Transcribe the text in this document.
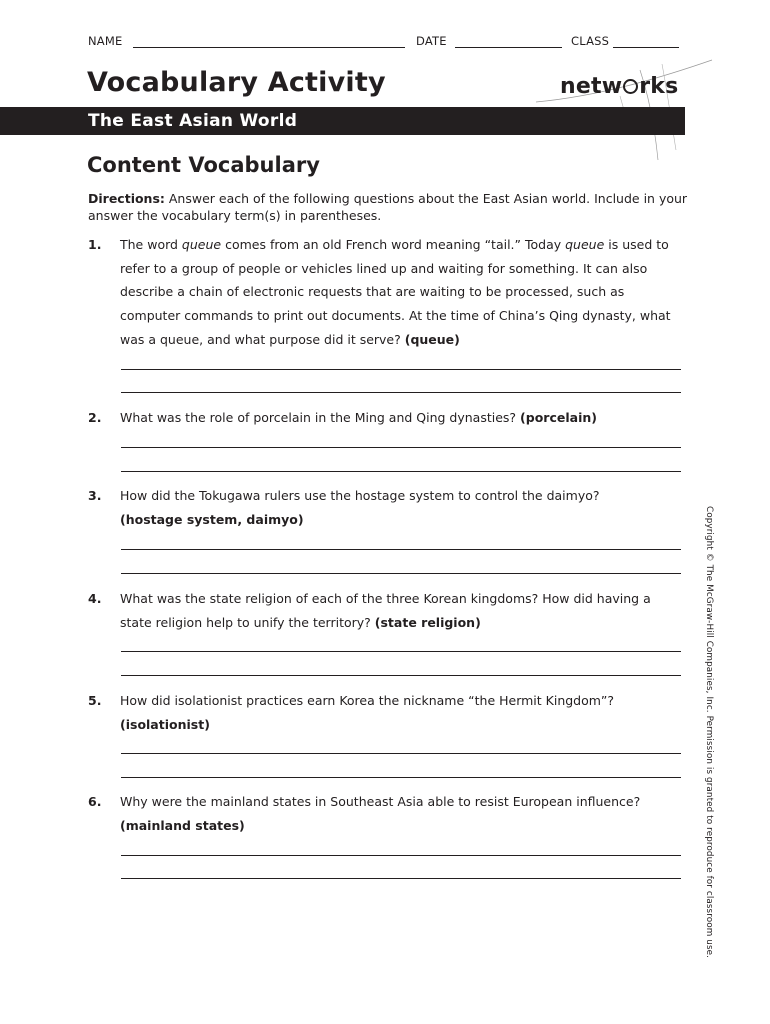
NAME	DATE	CLASS
Vocabulary Activity	netw rks
The East Asian World
Content Vocabulary
Directions: Answer each of the following questions about the East Asian world. Include in your answer the vocabulary term(s) in parentheses.
1. The word queue comes from an old French word meaning “tail.” Today queue is used to refer to a group of people or vehicles lined up and waiting for something. It can also describe a chain of electronic requests that are waiting to be processed, such as computer commands to print out documents. At the time of China’s Qing dynasty, what was a queue, and what purpose did it serve? (queue)
2. What was the role of porcelain in the Ming and Qing dynasties? (porcelain)
3. How did the Tokugawa rulers use the hostage system to control the daimyo?
(hostage system, daimyo)
4. What was the state religion of each of the three Korean kingdoms? How did having a state religion help to unify the territory? (state religion)
5. How did isolationist practices earn Korea the nickname “the Hermit Kingdom”?
(isolationist)
6. Why were the mainland states in Southeast Asia able to resist European influence?
(mainland states)	Copyright © The McGraw-Hill Companies, Inc. Permission is granted to reproduce for classroom use.
